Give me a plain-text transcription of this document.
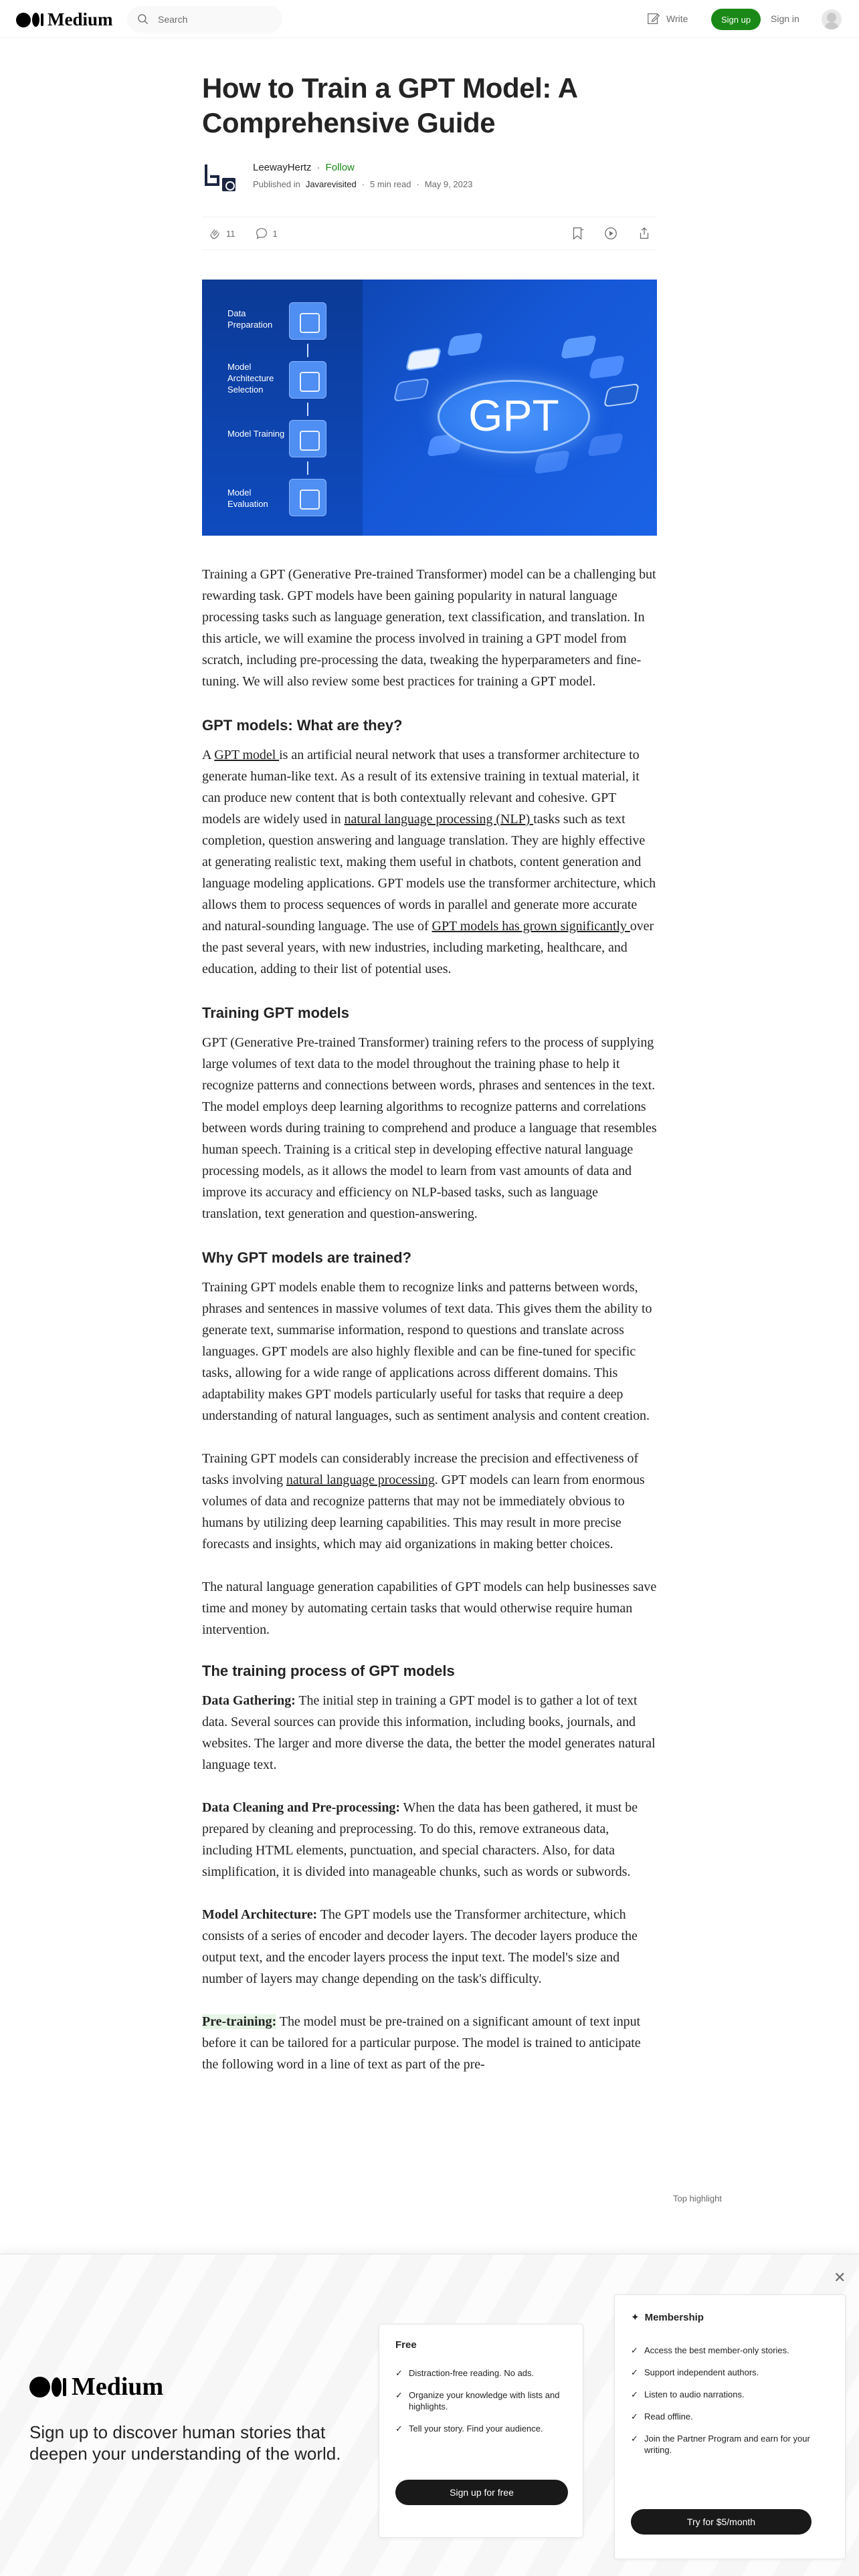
Medium
Search	Write	Sign up	Sign in
How to Train a GPT Model: A Comprehensive Guide
LeewayHertz · Follow
Published in Javarevisited · 5 min read · May 9, 2023
11	1
Data Preparation
Model Architecture Selection
Model Training
Model Evaluation
GPT

Training a GPT (Generative Pre-trained Transformer) model can be a challenging but rewarding task. GPT models have been gaining popularity in natural language processing tasks such as language generation, text classification, and translation. In this article, we will examine the process involved in training a GPT model from scratch, including pre-processing the data, tweaking the hyperparameters and fine-tuning. We will also review some best practices for training a GPT model.

GPT models: What are they?

A GPT model is an artificial neural network that uses a transformer architecture to generate human-like text. As a result of its extensive training in textual material, it can produce new content that is both contextually relevant and cohesive. GPT models are widely used in natural language processing (NLP) tasks such as text completion, question answering and language translation. They are highly effective at generating realistic text, making them useful in chatbots, content generation and language modeling applications. GPT models use the transformer architecture, which allows them to process sequences of words in parallel and generate more accurate and natural-sounding language. The use of GPT models has grown significantly over the past several years, with new industries, including marketing, healthcare, and education, adding to their list of potential uses.

Training GPT models

GPT (Generative Pre-trained Transformer) training refers to the process of supplying large volumes of text data to the model throughout the training phase to help it recognize patterns and connections between words, phrases and sentences in the text. The model employs deep learning algorithms to recognize patterns and correlations between words during training to comprehend and produce a language that resembles human speech. Training is a critical step in developing effective natural language processing models, as it allows the model to learn from vast amounts of data and improve its accuracy and efficiency on NLP-based tasks, such as language translation, text generation and question-answering.

Why GPT models are trained?

Training GPT models enable them to recognize links and patterns between words, phrases and sentences in massive volumes of text data. This gives them the ability to generate text, summarise information, respond to questions and translate across languages. GPT models are also highly flexible and can be fine-tuned for specific tasks, allowing for a wide range of applications across different domains. This adaptability makes GPT models particularly useful for tasks that require a deep understanding of natural languages, such as sentiment analysis and content creation.

Training GPT models can considerably increase the precision and effectiveness of tasks involving natural language processing. GPT models can learn from enormous volumes of data and recognize patterns that may not be immediately obvious to humans by utilizing deep learning capabilities. This may result in more precise forecasts and insights, which may aid organizations in making better choices.

The natural language generation capabilities of GPT models can help businesses save time and money by automating certain tasks that would otherwise require human intervention.

The training process of GPT models

Data Gathering: The initial step in training a GPT model is to gather a lot of text data. Several sources can provide this information, including books, journals, and websites. The larger and more diverse the data, the better the model generates natural language text.

Data Cleaning and Pre-processing: When the data has been gathered, it must be prepared by cleaning and preprocessing. To do this, remove extraneous data, including HTML elements, punctuation, and special characters. Also, for data simplification, it is divided into manageable chunks, such as words or subwords.

Model Architecture: The GPT models use the Transformer architecture, which consists of a series of encoder and decoder layers. The decoder layers produce the output text, and the encoder layers process the input text. The model's size and number of layers may change depending on the task's difficulty.

Pre-training: The model must be pre-trained on a significant amount of text input before it can be tailored for a particular purpose. The model is trained to anticipate the following word in a line of text as part of the pre-

Top highlight
✕
Medium
Sign up to discover human stories that deepen your understanding of the world.
Free
✓ Distraction-free reading. No ads.
✓ Organize your knowledge with lists and highlights.
✓ Tell your story. Find your audience.
Sign up for free
✦ Membership
✓ Access the best member-only stories.
✓ Support independent authors.
✓ Listen to audio narrations.
✓ Read offline.
✓ Join the Partner Program and earn for your writing.
Try for $5/month
